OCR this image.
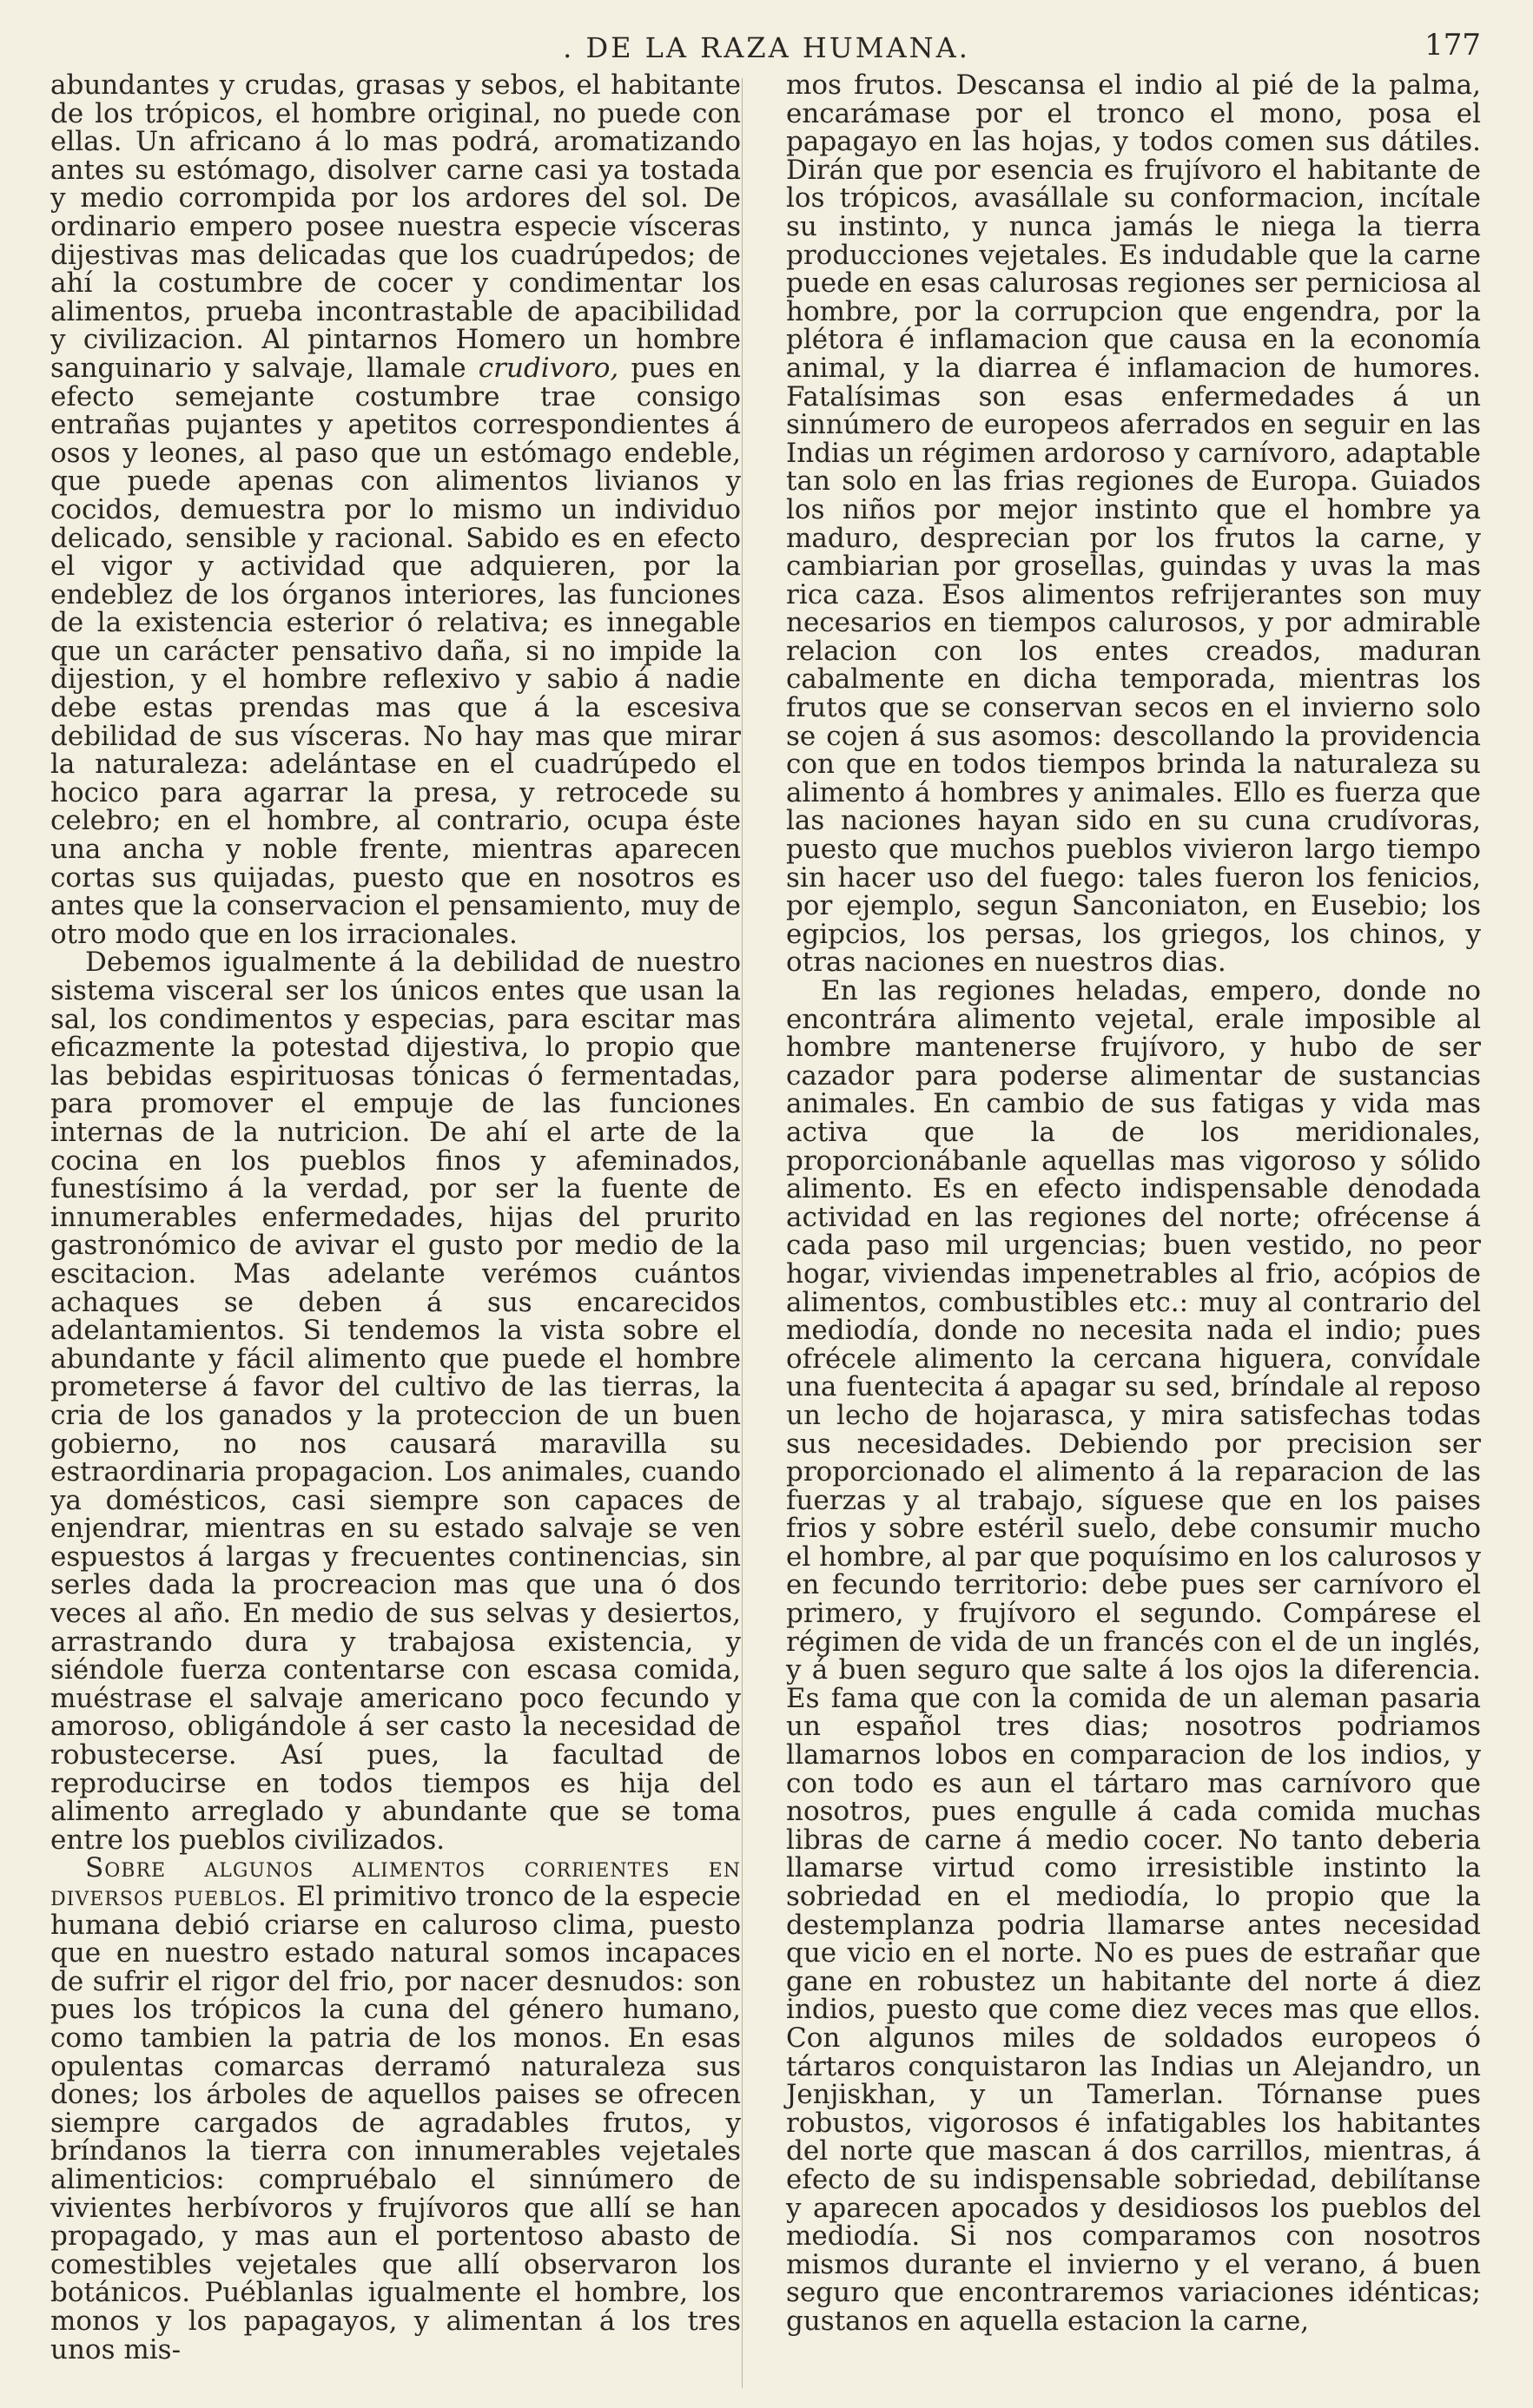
. DE LA RAZA HUMANA.	177

abundantes y crudas, grasas y sebos, el habitante de los trópicos, el hombre original, no puede con ellas. Un africano á lo mas podrá, aromatizando antes su estómago, disolver carne casi ya tostada y medio corrompida por los ardores del sol. De ordinario empero posee nuestra especie vísceras dijestivas mas delicadas que los cuadrúpedos; de ahí la costumbre de cocer y condimentar los alimentos, prueba incontrastable de apacibilidad y civilizacion. Al pintarnos Homero un hombre sanguinario y salvaje, llamale crudivoro, pues en efecto semejante costumbre trae consigo entrañas pujantes y apetitos correspondientes á osos y leones, al paso que un estómago endeble, que puede apenas con alimentos livianos y cocidos, demuestra por lo mismo un individuo delicado, sensible y racional. Sabido es en efecto el vigor y actividad que adquieren, por la endeblez de los órganos interiores, las funciones de la existencia esterior ó relativa; es innegable que un carácter pensativo daña, si no impide la dijestion, y el hombre reflexivo y sabio á nadie debe estas prendas mas que á la escesiva debilidad de sus vísceras. No hay mas que mirar la naturaleza: adelántase en el cuadrúpedo el hocico para agarrar la presa, y retrocede su celebro; en el hombre, al contrario, ocupa éste una ancha y noble frente, mientras aparecen cortas sus quijadas, puesto que en nosotros es antes que la conservacion el pensamiento, muy de otro modo que en los irracionales.

Debemos igualmente á la debilidad de nuestro sistema visceral ser los únicos entes que usan la sal, los condimentos y especias, para escitar mas eficazmente la potestad dijestiva, lo propio que las bebidas espirituosas tónicas ó fermentadas, para promover el empuje de las funciones internas de la nutricion. De ahí el arte de la cocina en los pueblos finos y afeminados, funestísimo á la verdad, por ser la fuente de innumerables enfermedades, hijas del prurito gastronómico de avivar el gusto por medio de la escitacion. Mas adelante verémos cuántos achaques se deben á sus encarecidos adelantamientos. Si tendemos la vista sobre el abundante y fácil alimento que puede el hombre prometerse á favor del cultivo de las tierras, la cria de los ganados y la proteccion de un buen gobierno, no nos causará maravilla su estraordinaria propagacion. Los animales, cuando ya domésticos, casi siempre son capaces de enjendrar, mientras en su estado salvaje se ven espuestos á largas y frecuentes continencias, sin serles dada la procreacion mas que una ó dos veces al año. En medio de sus selvas y desiertos, arrastrando dura y trabajosa existencia, y siéndole fuerza contentarse con escasa comida, muéstrase el salvaje americano poco fecundo y amoroso, obligándole á ser casto la necesidad de robustecerse. Así pues, la facultad de reproducirse en todos tiempos es hija del alimento arreglado y abundante que se toma entre los pueblos civilizados.

Sobre algunos alimentos corrientes en diversos pueblos. El primitivo tronco de la especie humana debió criarse en caluroso clima, puesto que en nuestro estado natural somos incapaces de sufrir el rigor del frio, por nacer desnudos: son pues los trópicos la cuna del género humano, como tambien la patria de los monos. En esas opulentas comarcas derramó naturaleza sus dones; los árboles de aquellos paises se ofrecen siempre cargados de agradables frutos, y bríndanos la tierra con innumerables vejetales alimenticios: compruébalo el sinnúmero de vivientes herbívoros y frujívoros que allí se han propagado, y mas aun el portentoso abasto de comestibles vejetales que allí observaron los botánicos. Puéblanlas igualmente el hombre, los monos y los papagayos, y alimentan á los tres unos mis-

mos frutos. Descansa el indio al pié de la palma, encarámase por el tronco el mono, posa el papagayo en las hojas, y todos comen sus dátiles. Dirán que por esencia es frujívoro el habitante de los trópicos, avasállale su conformacion, incítale su instinto, y nunca jamás le niega la tierra producciones vejetales. Es indudable que la carne puede en esas calurosas regiones ser perniciosa al hombre, por la corrupcion que engendra, por la plétora é inflamacion que causa en la economía animal, y la diarrea é inflamacion de humores. Fatalísimas son esas enfermedades á un sinnúmero de europeos aferrados en seguir en las Indias un régimen ardoroso y carnívoro, adaptable tan solo en las frias regiones de Europa. Guiados los niños por mejor instinto que el hombre ya maduro, desprecian por los frutos la carne, y cambiarian por grosellas, guindas y uvas la mas rica caza. Esos alimentos refrijerantes son muy necesarios en tiempos calurosos, y por admirable relacion con los entes creados, maduran cabalmente en dicha temporada, mientras los frutos que se conservan secos en el invierno solo se cojen á sus asomos: descollando la providencia con que en todos tiempos brinda la naturaleza su alimento á hombres y animales. Ello es fuerza que las naciones hayan sido en su cuna crudívoras, puesto que muchos pueblos vivieron largo tiempo sin hacer uso del fuego: tales fueron los fenicios, por ejemplo, segun Sanconiaton, en Eusebio; los egipcios, los persas, los griegos, los chinos, y otras naciones en nuestros dias.

En las regiones heladas, empero, donde no encontrára alimento vejetal, erale imposible al hombre mantenerse frujívoro, y hubo de ser cazador para poderse alimentar de sustancias animales. En cambio de sus fatigas y vida mas activa que la de los meridionales, proporcionábanle aquellas mas vigoroso y sólido alimento. Es en efecto indispensable denodada actividad en las regiones del norte; ofrécense á cada paso mil urgencias; buen vestido, no peor hogar, viviendas impenetrables al frio, acópios de alimentos, combustibles etc.: muy al contrario del mediodía, donde no necesita nada el indio; pues ofrécele alimento la cercana higuera, convídale una fuentecita á apagar su sed, bríndale al reposo un lecho de hojarasca, y mira satisfechas todas sus necesidades. Debiendo por precision ser proporcionado el alimento á la reparacion de las fuerzas y al trabajo, síguese que en los paises frios y sobre estéril suelo, debe consumir mucho el hombre, al par que poquísimo en los calurosos y en fecundo territorio: debe pues ser carnívoro el primero, y frujívoro el segundo. Compárese el régimen de vida de un francés con el de un inglés, y á buen seguro que salte á los ojos la diferencia. Es fama que con la comida de un aleman pasaria un español tres dias; nosotros podriamos llamarnos lobos en comparacion de los indios, y con todo es aun el tártaro mas carnívoro que nosotros, pues engulle á cada comida muchas libras de carne á medio cocer. No tanto deberia llamarse virtud como irresistible instinto la sobriedad en el mediodía, lo propio que la destemplanza podria llamarse antes necesidad que vicio en el norte. No es pues de estrañar que gane en robustez un habitante del norte á diez indios, puesto que come diez veces mas que ellos. Con algunos miles de soldados europeos ó tártaros conquistaron las Indias un Alejandro, un Jenjiskhan, y un Tamerlan. Tórnanse pues robustos, vigorosos é infatigables los habitantes del norte que mascan á dos carrillos, mientras, á efecto de su indispensable sobriedad, debilítanse y aparecen apocados y desidiosos los pueblos del mediodía. Si nos comparamos con nosotros mismos durante el invierno y el verano, á buen seguro que encontraremos variaciones idénticas; gustanos en aquella estacion la carne,
